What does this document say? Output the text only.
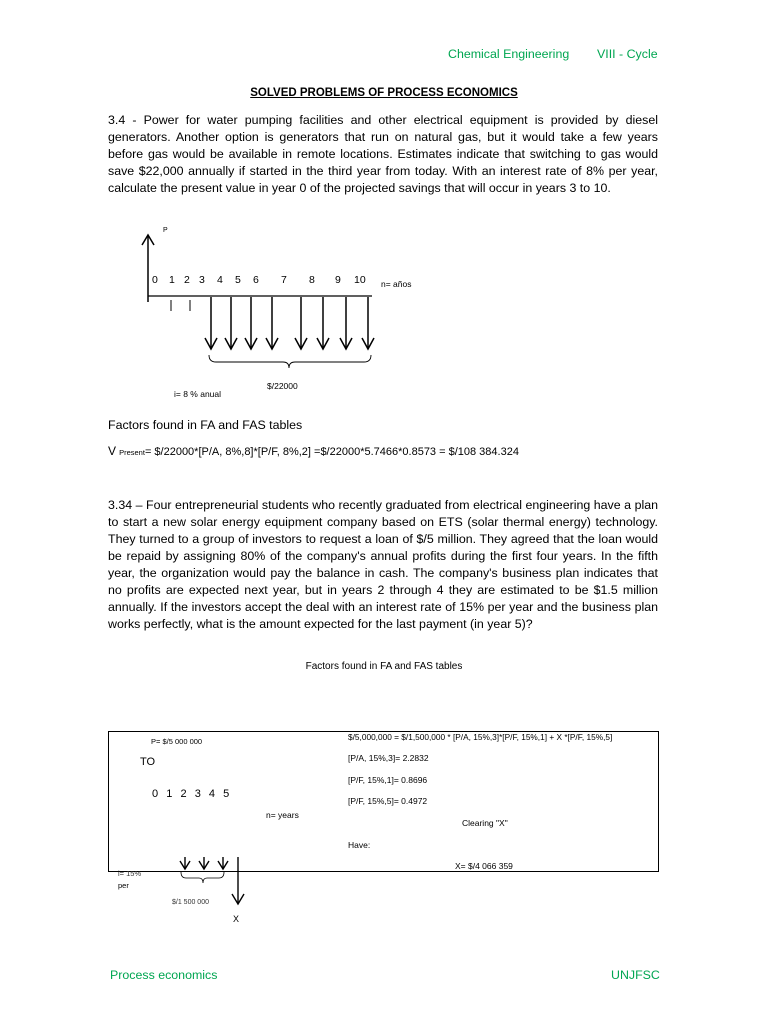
Chemical Engineering VIII - Cycle
SOLVED PROBLEMS OF PROCESS ECONOMICS
3.4 - Power for water pumping facilities and other electrical equipment is provided by diesel generators. Another option is generators that run on natural gas, but it would take a few years before gas would be available in remote locations. Estimates indicate that switching to gas would save $22,000 annually if started in the third year from today. With an interest rate of 8% per year, calculate the present value in year 0 of the projected savings that will occur in years 3 to 10.
P
0 1 2 3 4 5 6 7 8 9 10 n= años
i= 8 % anual
$/22000
Factors found in FA and FAS tables
V Present= $/22000*[P/A, 8%,8]*[P/F, 8%,2] =$/22000*5.7466*0.8573 = $/108 384.324
3.34 – Four entrepreneurial students who recently graduated from electrical engineering have a plan to start a new solar energy equipment company based on ETS (solar thermal energy) technology. They turned to a group of investors to request a loan of $/5 million. They agreed that the loan would be repaid by assigning 80% of the company's annual profits during the first four years. In the fifth year, the organization would pay the balance in cash. The company's business plan indicates that no profits are expected next year, but in years 2 through 4 they are estimated to be $1.5 million annually. If the investors accept the deal with an interest rate of 15% per year and the business plan works perfectly, what is the amount expected for the last payment (in year 5)?
Factors found in FA and FAS tables
P= $/5 000 000
TO
0  1  2  3  4  5
n= years
$/5,000,000 = $/1,500,000 * [P/A, 15%,3]*[P/F, 15%,1] + X *[P/F, 15%,5]
[P/A, 15%,3]= 2.2832
[P/F, 15%,1]= 0.8696
[P/F, 15%,5]= 0.4972
Clearing "X"
Have:
X= $/4 066 359
i= 15%
per
$/1 500 000
X
Process economics	UNJFSC
